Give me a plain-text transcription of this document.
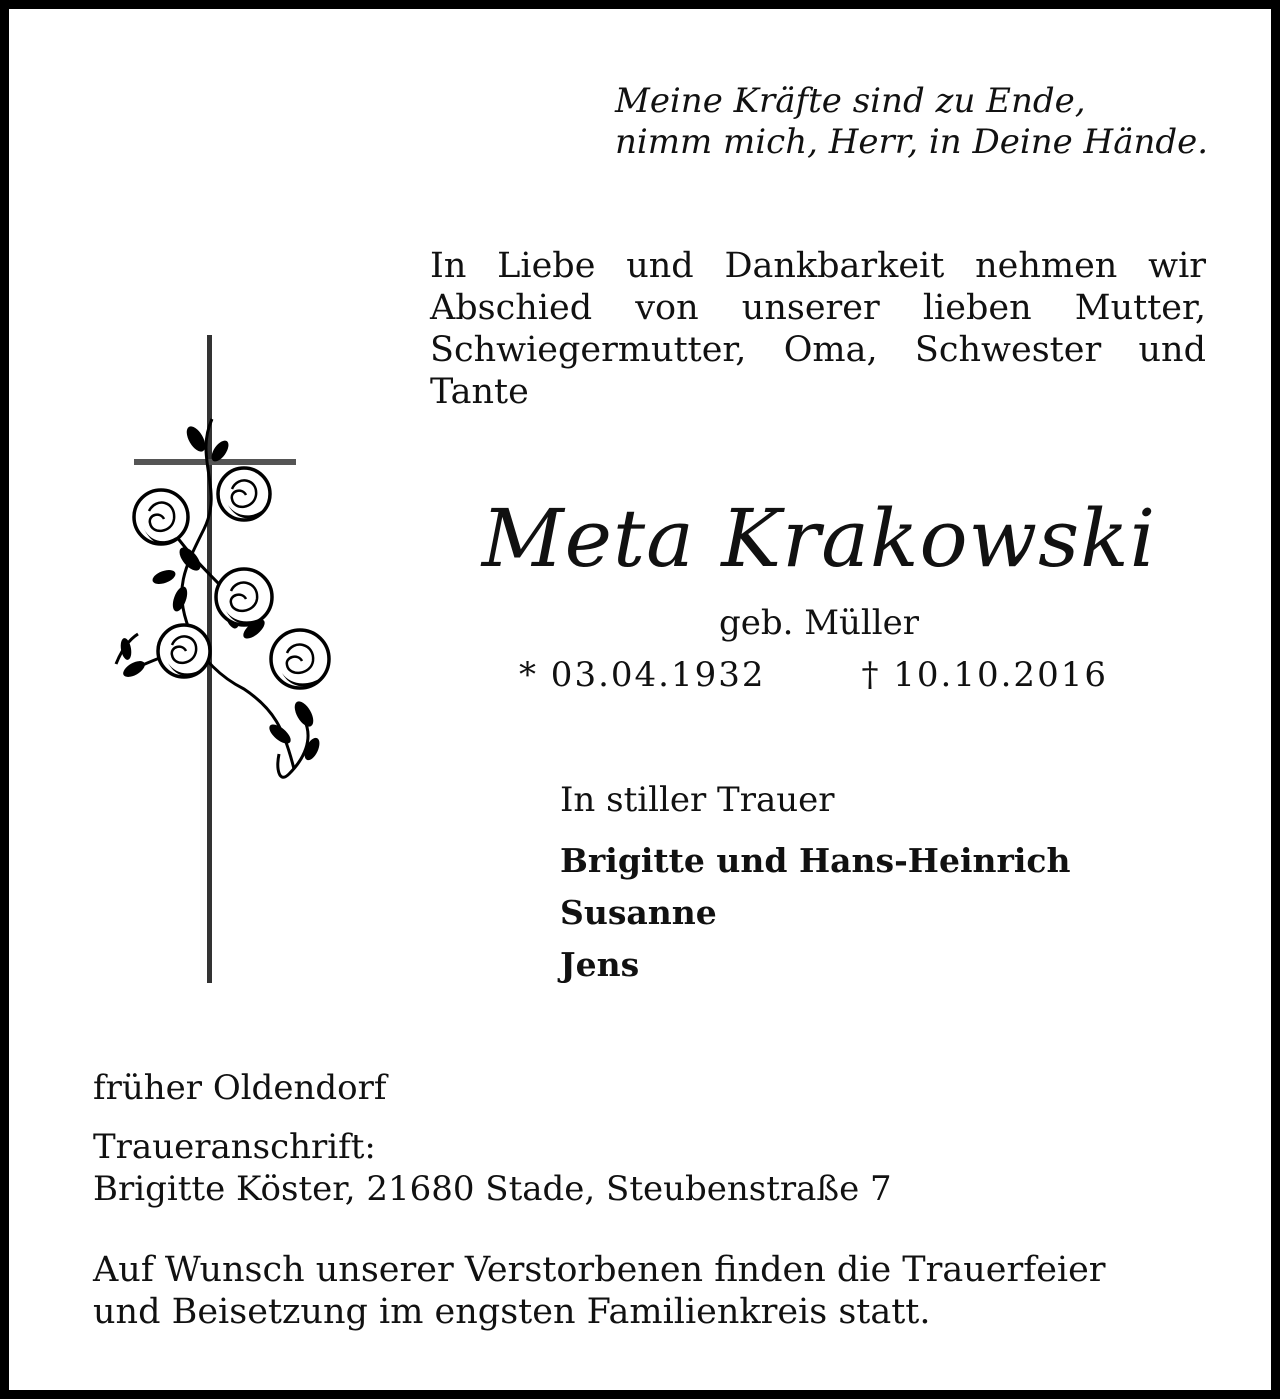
Meine Kräfte sind zu Ende,
nimm mich, Herr, in Deine Hände.

In Liebe und Dankbarkeit nehmen wir Abschied von unserer lieben Mutter, Schwiegermutter, Oma, Schwester und Tante

Meta Krakowski
geb. Müller
* 03.04.1932	† 10.10.2016
In stiller Trauer
Brigitte und Hans-Heinrich
Susanne
Jens
früher Oldendorf
Traueranschrift:
Brigitte Köster, 21680 Stade, Steubenstraße 7
Auf Wunsch unserer Verstorbenen finden die Trauerfeier
und Beisetzung im engsten Familienkreis statt.
